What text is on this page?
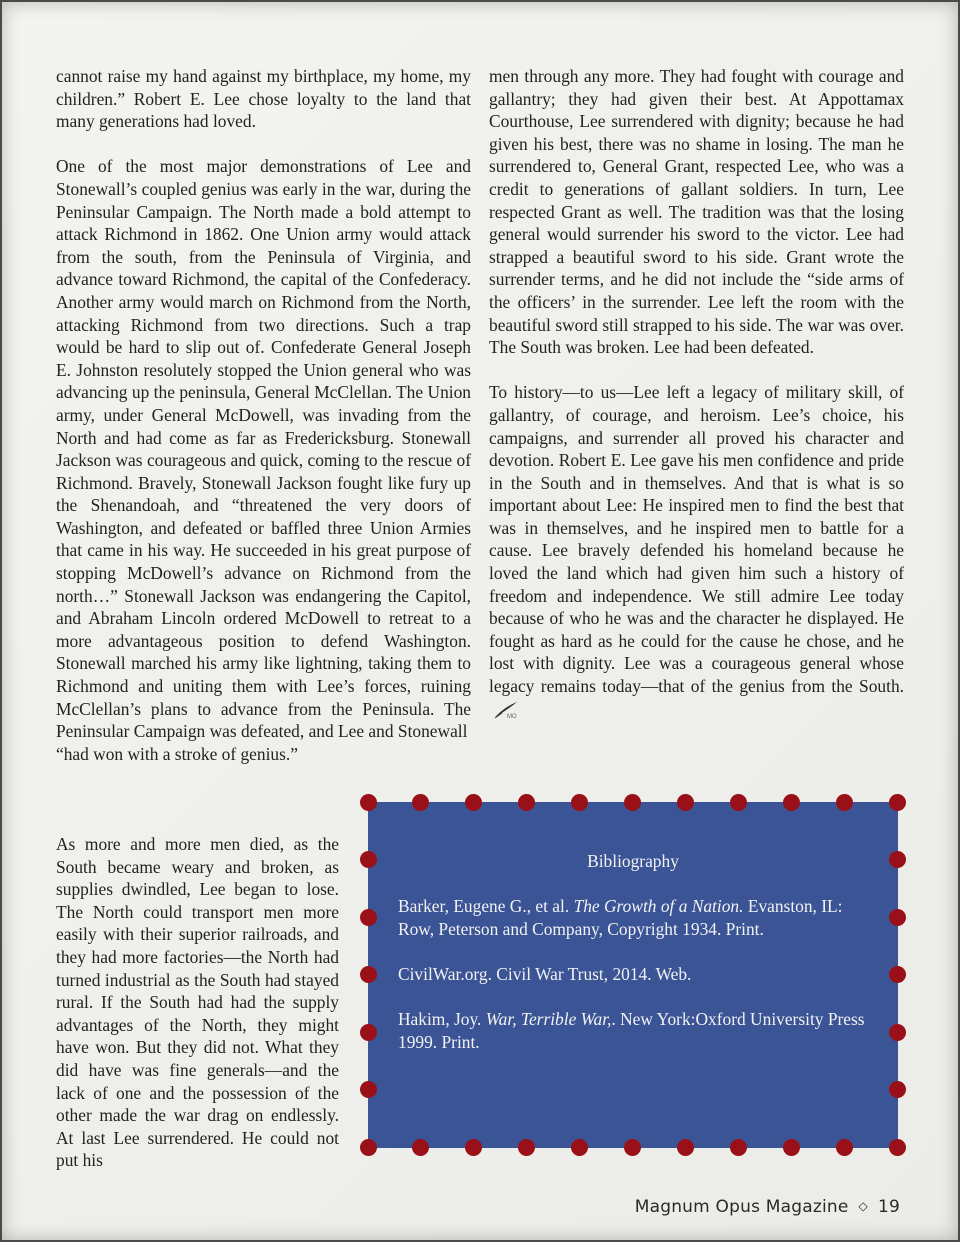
cannot raise my hand against my birthplace, my home, my children.” Robert E. Lee chose loyalty to the land that many generations had loved.

One of the most major demonstrations of Lee and Stonewall’s coupled genius was early in the war, during the Peninsular Campaign. The North made a bold attempt to attack Richmond in 1862. One Union army would attack from the south, from the Peninsula of Virginia, and advance toward Richmond, the capital of the Confederacy. Another army would march on Richmond from the North, attacking Richmond from two directions. Such a trap would be hard to slip out of. Confederate General Joseph E. Johnston resolutely stopped the Union general who was advancing up the peninsula, General McClellan. The Union army, under General McDowell, was invading from the North and had come as far as Fredericksburg. Stonewall Jackson was courageous and quick, coming to the rescue of Richmond. Bravely, Stonewall Jackson fought like fury up the Shenandoah, and “threatened the very doors of Washington, and defeated or baffled three Union Armies that came in his way. He succeeded in his great purpose of stopping McDowell’s advance on Richmond from the north…” Stonewall Jackson was endangering the Capitol, and Abraham Lincoln ordered McDowell to retreat to a more advantageous position to defend Washington. Stonewall marched his army like lightning, taking them to Richmond and uniting them with Lee’s forces, ruining McClellan’s plans to advance from the Peninsula. The Peninsular Campaign was defeated, and Lee and Stonewall

“had won with a stroke of genius.”

As more and more men died, as the South became weary and broken, as supplies dwindled, Lee began to lose. The North could transport men more easily with their superior railroads, and they had more factories—the North had turned industrial as the South had stayed rural. If the South had had the supply advantages of the North, they might have won. But they did not. What they did have was fine generals—and the lack of one and the possession of the other made the war drag on endlessly. At last Lee surrendered. He could not put his

men through any more. They had fought with courage and gallantry; they had given their best. At Appottamax Courthouse, Lee surrendered with dignity; because he had given his best, there was no shame in losing. The man he surrendered to, General Grant, respected Lee, who was a credit to generations of gallant soldiers. In turn, Lee respected Grant as well. The tradition was that the losing general would surrender his sword to the victor. Lee had strapped a beautiful sword to his side. Grant wrote the surrender terms, and he did not include the “side arms of the officers’ in the surrender. Lee left the room with the beautiful sword still strapped to his side. The war was over. The South was broken. Lee had been defeated.

To history—to us—Lee left a legacy of military skill, of gallantry, of courage, and heroism. Lee’s choice, his campaigns, and surrender all proved his character and devotion. Robert E. Lee gave his men confidence and pride in the South and in themselves. And that is what is so important about Lee: He inspired men to find the best that was in themselves, and he inspired men to battle for a cause. Lee bravely defended his homeland because he loved the land which had given him such a history of freedom and independence. We still admire Lee today because of who he was and the character he displayed. He fought as hard as he could for the cause he chose, and he lost with dignity. Lee was a courageous general whose legacy remains today—that of the genius from the South.
MO

Bibliography
Barker, Eugene G., et al. The Growth of a Nation. Evanston, IL: Row, Peterson and Company, Copyright 1934. Print.
CivilWar.org. Civil War Trust, 2014. Web.
Hakim, Joy. War, Terrible War,. New York:Oxford University Press 1999. Print.
Magnum Opus Magazine ◇ 19
